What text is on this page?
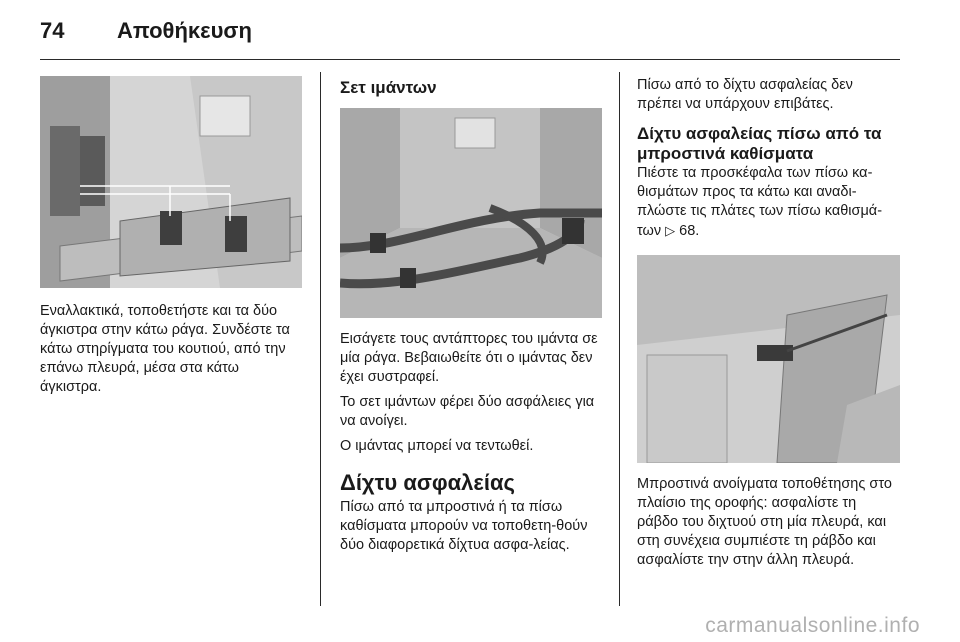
74 Αποθήκευση

Εναλλακτικά, τοποθετήστε και τα δύο άγκιστρα στην κάτω ράγα. Συνδέστε τα κάτω στηρίγματα του κουτιού, από την επάνω πλευρά, μέσα στα κάτω άγκιστρα.

Σετ ιμάντων

Εισάγετε τους αντάπτορες του ιμάντα σε μία ράγα. Βεβαιωθείτε ότι ο ιμάντας δεν έχει συστραφεί.

Το σετ ιμάντων φέρει δύο ασφάλειες για να ανοίγει.

Ο ιμάντας μπορεί να τεντωθεί.

Δίχτυ ασφαλείας

Πίσω από τα μπροστινά ή τα πίσω καθίσματα μπορούν να τοποθετη-θούν δύο διαφορετικά δίχτυα ασφα-λείας.

Πίσω από το δίχτυ ασφαλείας δεν πρέπει να υπάρχουν επιβάτες.

Δίχτυ ασφαλείας πίσω από τα μπροστινά καθίσματα

Πιέστε τα προσκέφαλα των πίσω κα-θισμάτων προς τα κάτω και αναδι-πλώστε τις πλάτες των πίσω καθισμά-των ▷ 68.

Μπροστινά ανοίγματα τοποθέτησης στο πλαίσιο της οροφής: ασφαλίστε τη ράβδο του διχτυού στη μία πλευρά, και στη συνέχεια συμπιέστε τη ράβδο και ασφαλίστε την στην άλλη πλευρά.

carmanualsonline.info
